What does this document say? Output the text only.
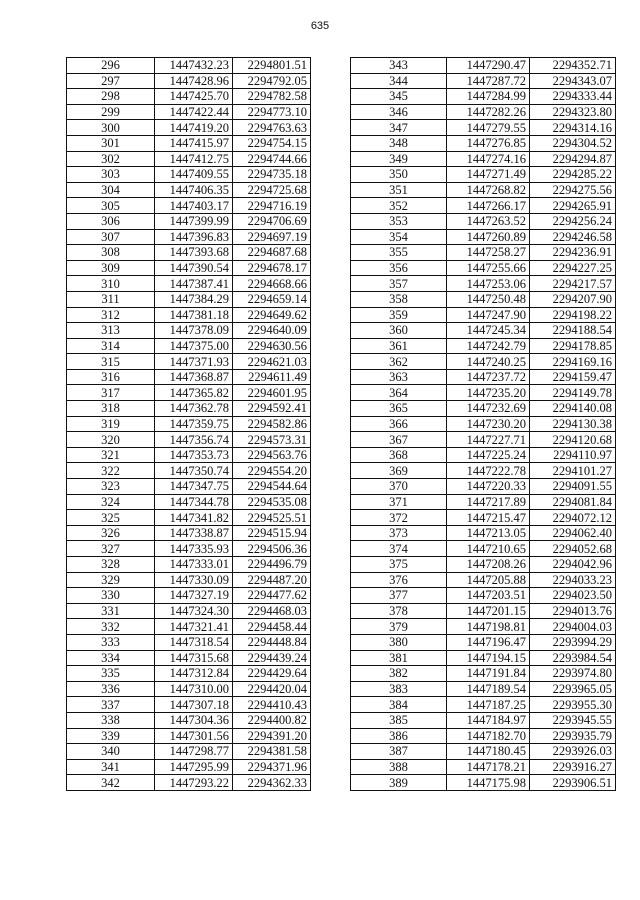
635
296	1447432.23	2294801.51
297	1447428.96	2294792.05
298	1447425.70	2294782.58
299	1447422.44	2294773.10
300	1447419.20	2294763.63
301	1447415.97	2294754.15
302	1447412.75	2294744.66
303	1447409.55	2294735.18
304	1447406.35	2294725.68
305	1447403.17	2294716.19
306	1447399.99	2294706.69
307	1447396.83	2294697.19
308	1447393.68	2294687.68
309	1447390.54	2294678.17
310	1447387.41	2294668.66
311	1447384.29	2294659.14
312	1447381.18	2294649.62
313	1447378.09	2294640.09
314	1447375.00	2294630.56
315	1447371.93	2294621.03
316	1447368.87	2294611.49
317	1447365.82	2294601.95
318	1447362.78	2294592.41
319	1447359.75	2294582.86
320	1447356.74	2294573.31
321	1447353.73	2294563.76
322	1447350.74	2294554.20
323	1447347.75	2294544.64
324	1447344.78	2294535.08
325	1447341.82	2294525.51
326	1447338.87	2294515.94
327	1447335.93	2294506.36
328	1447333.01	2294496.79
329	1447330.09	2294487.20
330	1447327.19	2294477.62
331	1447324.30	2294468.03
332	1447321.41	2294458.44
333	1447318.54	2294448.84
334	1447315.68	2294439.24
335	1447312.84	2294429.64
336	1447310.00	2294420.04
337	1447307.18	2294410.43
338	1447304.36	2294400.82
339	1447301.56	2294391.20
340	1447298.77	2294381.58
341	1447295.99	2294371.96
342	1447293.22	2294362.33
343	1447290.47	2294352.71
344	1447287.72	2294343.07
345	1447284.99	2294333.44
346	1447282.26	2294323.80
347	1447279.55	2294314.16
348	1447276.85	2294304.52
349	1447274.16	2294294.87
350	1447271.49	2294285.22
351	1447268.82	2294275.56
352	1447266.17	2294265.91
353	1447263.52	2294256.24
354	1447260.89	2294246.58
355	1447258.27	2294236.91
356	1447255.66	2294227.25
357	1447253.06	2294217.57
358	1447250.48	2294207.90
359	1447247.90	2294198.22
360	1447245.34	2294188.54
361	1447242.79	2294178.85
362	1447240.25	2294169.16
363	1447237.72	2294159.47
364	1447235.20	2294149.78
365	1447232.69	2294140.08
366	1447230.20	2294130.38
367	1447227.71	2294120.68
368	1447225.24	2294110.97
369	1447222.78	2294101.27
370	1447220.33	2294091.55
371	1447217.89	2294081.84
372	1447215.47	2294072.12
373	1447213.05	2294062.40
374	1447210.65	2294052.68
375	1447208.26	2294042.96
376	1447205.88	2294033.23
377	1447203.51	2294023.50
378	1447201.15	2294013.76
379	1447198.81	2294004.03
380	1447196.47	2293994.29
381	1447194.15	2293984.54
382	1447191.84	2293974.80
383	1447189.54	2293965.05
384	1447187.25	2293955.30
385	1447184.97	2293945.55
386	1447182.70	2293935.79
387	1447180.45	2293926.03
388	1447178.21	2293916.27
389	1447175.98	2293906.51
